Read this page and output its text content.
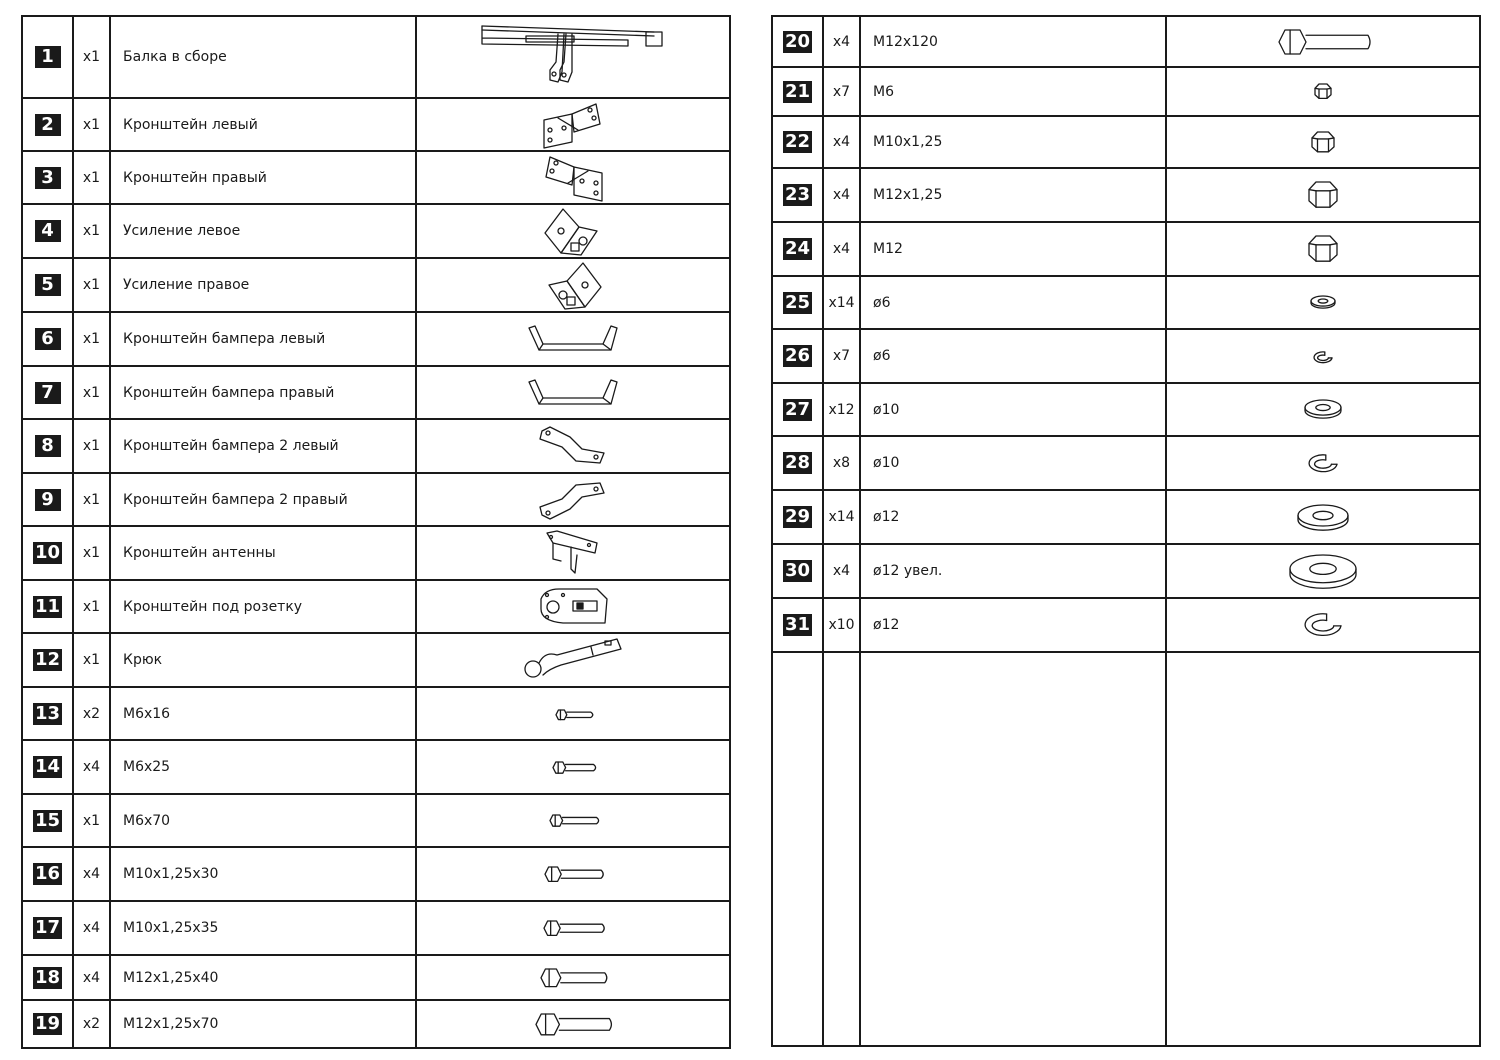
1	x1	Балка в сборе	
2	x1	Кронштейн левый	
3	x1	Кронштейн правый	
4	x1	Усиление левое	
5	x1	Усиление правое	
6	x1	Кронштейн бампера левый	
7	x1	Кронштейн бампера правый	
8	x1	Кронштейн бампера 2 левый	
9	x1	Кронштейн бампера 2 правый	
10	x1	Кронштейн антенны	
11	x1	Кронштейн под розетку	
12	x1	Крюк	
13	x2	М6х16	
14	x4	М6х25	
15	x1	М6х70	
16	x4	М10х1,25х30	
17	x4	М10х1,25х35	
18	x4	М12х1,25х40	
19	x2	М12х1,25х70	
20	x4	М12х120	
21	x7	М6	
22	x4	М10х1,25	
23	x4	М12х1,25	
24	x4	М12	
25	x14	ø6	
26	x7	ø6	
27	x12	ø10	
28	x8	ø10	
29	x14	ø12	
30	x4	ø12 увел.	
31	x10	ø12	
